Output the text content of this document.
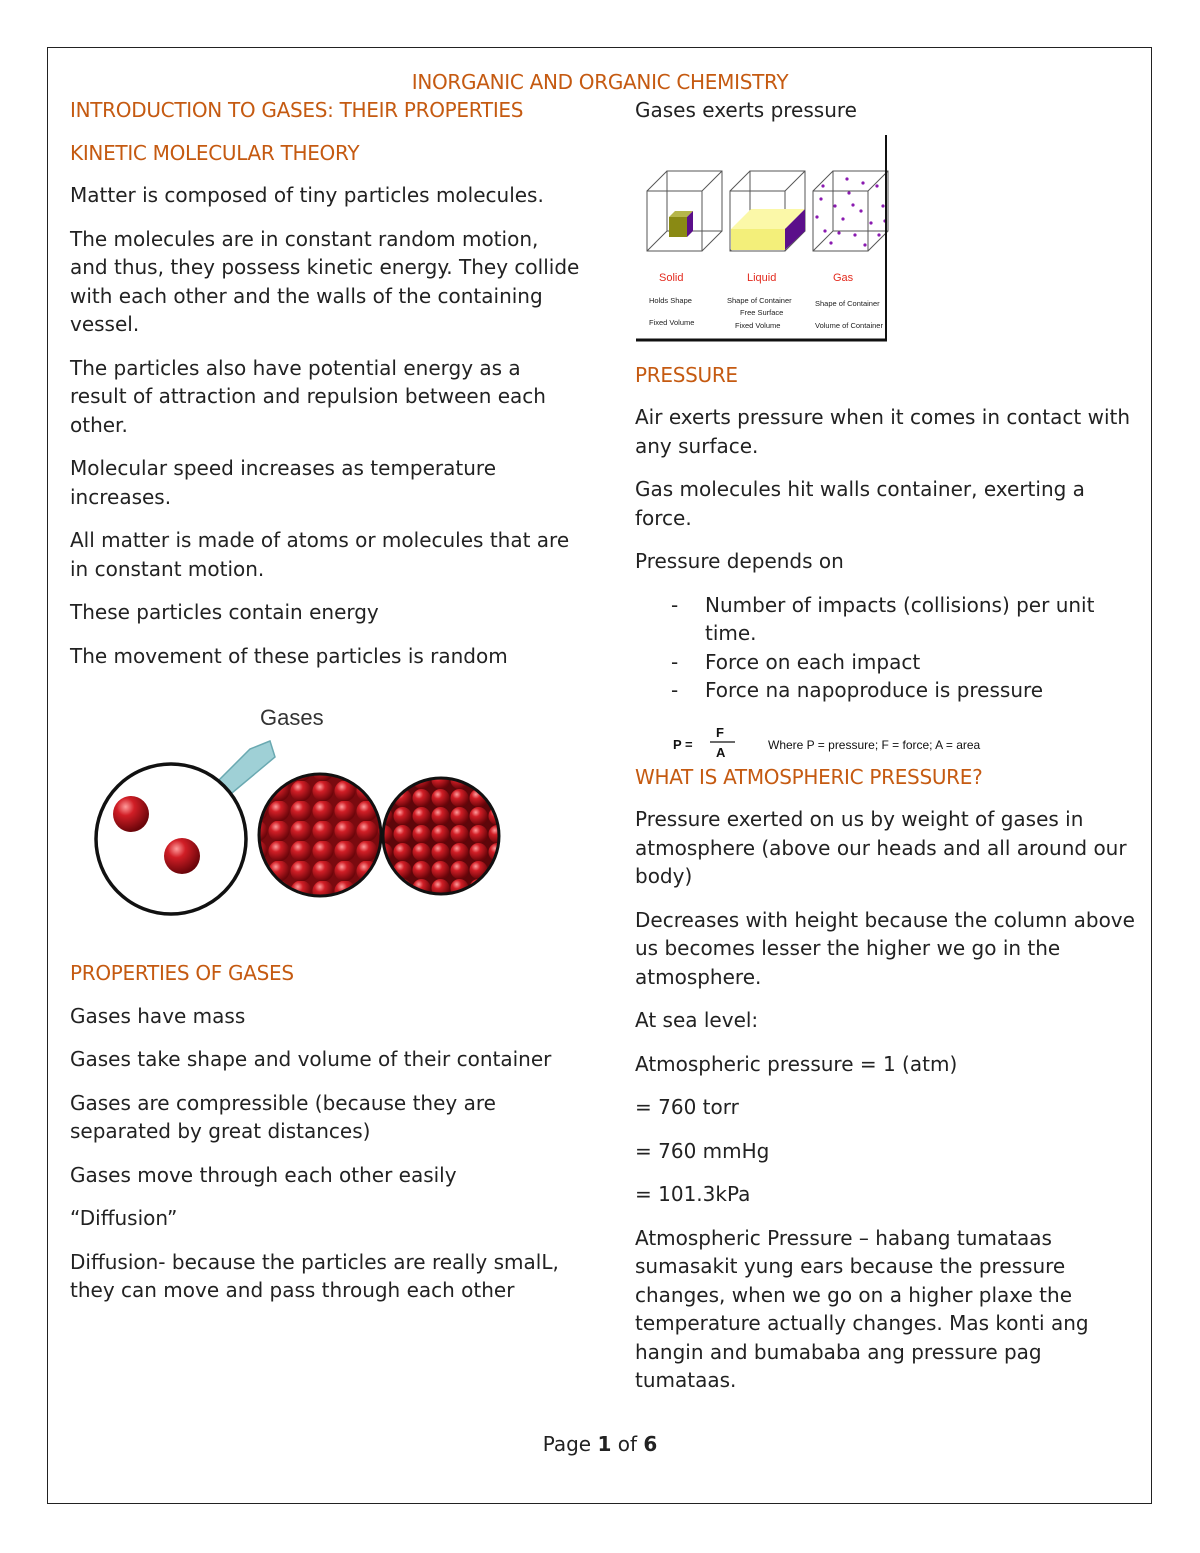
INORGANIC AND ORGANIC CHEMISTRY
INTRODUCTION TO GASES: THEIR PROPERTIES
KINETIC MOLECULAR THEORY
Matter is composed of tiny particles molecules.
The molecules are in constant random motion, and thus, they possess kinetic energy. They collide with each other and the walls of the containing vessel.
The particles also have potential energy as a result of attraction and repulsion between each other.
Molecular speed increases as temperature increases.
All matter is made of atoms or molecules that are in constant motion.
These particles contain energy
The movement of these particles is random
Gases
PROPERTIES OF GASES
Gases have mass
Gases take shape and volume of their container
Gases are compressible (because they are separated by great distances)
Gases move through each other easily
“Diffusion”
Diffusion- because the particles are really smalL, they can move and pass through each other
Gases exerts pressure
Solid
Holds Shape
Fixed Volume
Liquid
Shape of Container
Free Surface
Fixed Volume
Gas
Shape of Container
Volume of Container
PRESSURE
Air exerts pressure when it comes in contact with any surface.
Gas molecules hit walls container, exerting a force.
Pressure depends on
- Number of impacts (collisions) per unit time.
- Force on each impact
- Force na napoproduce is pressure
P =
F
A	Where P = pressure; F = force; A = area
WHAT IS ATMOSPHERIC PRESSURE?
Pressure exerted on us by weight of gases in atmosphere (above our heads and all around our body)
Decreases with height because the column above us becomes lesser the higher we go in the atmosphere.
At sea level:
Atmospheric pressure = 1 (atm)
= 760 torr
= 760 mmHg
= 101.3kPa
Atmospheric Pressure – habang tumataas sumasakit yung ears because the pressure changes, when we go on a higher plaxe the temperature actually changes. Mas konti ang hangin and bumababa ang pressure pag tumataas.
Page 1 of 6
